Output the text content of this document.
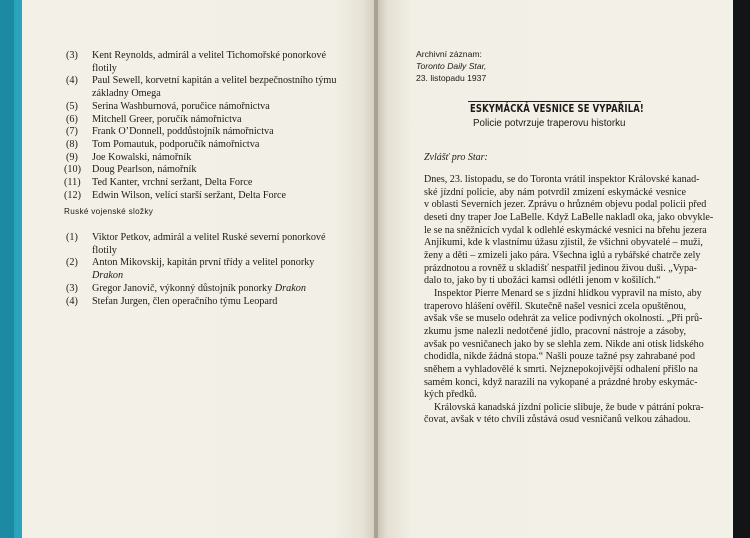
(3)	Kent Reynolds, admirál a velitel Tichomořské ponorkové flotily
(4)	Paul Sewell, korvetní kapitán a velitel bezpečnostního týmu
základny Omega
(5)	Serina Washburnová, poručice námořnictva
(6)	Mitchell Greer, poručík námořnictva
(7)	Frank O’Donnell, poddůstojník námořnictva
(8)	Tom Pomautuk, podporučík námořnictva
(9)	Joe Kowalski, námořník
(10)	Doug Pearlson, námořník
(11)	Ted Kanter, vrchní seržant, Delta Force
(12)	Edwin Wilson, velící starší seržant, Delta Force
Ruské vojenské složky
(1)	Viktor Petkov, admirál a velitel Ruské severní ponorkové flotily
(2)	Anton Mikovskij, kapitán první třídy a velitel ponorky Drakon
(3)	Gregor Janovič, výkonný důstojník ponorky Drakon
(4)	Stefan Jurgen, člen operačního týmu Leopard
Archivní záznam:
Toronto Daily Star,
23. listopadu 1937
ESKYMÁCKÁ VESNICE SE VYPAŘILA!
Policie potvrzuje traperovu historku
Zvlášť pro Star:

Dnes, 23. listopadu, se do Toronta vrátil inspektor Královské kanad-
ské jízdní policie, aby nám potvrdil zmizení eskymácké vesnice
v oblasti Severních jezer. Zprávu o hrůzném objevu podal policii před
deseti dny traper Joe LaBelle. Když LaBelle nakladl oka, jako obvykle-
le se na sněžnicích vydal k odlehlé eskymácké vesnici na břehu jezera
Anjikumi, kde k vlastnímu úžasu zjistil, že všichni obyvatelé – muži,
ženy a děti – zmizeli jako pára. Všechna iglú a rybářské chatrče zely
prázdnotou a rovněž u skladišť nespatřil jedinou živou duši. „Vypa-
dalo to, jako by ti ubožáci kamsi odlétli jenom v košilích.“

Inspektor Pierre Menard se s jízdní hlídkou vypravil na místo, aby
traperovo hlášení ověřil. Skutečně našel vesnici zcela opuštěnou,
avšak vše se muselo odehrát za velice podivných okolností. „Při prů-
zkumu jsme nalezli nedotčené jídlo, pracovní nástroje a zásoby,
avšak po vesničanech jako by se slehla zem. Nikde ani otisk lidského
chodidla, nikde žádná stopa.“ Našli pouze tažné psy zahrabané pod
sněhem a vyhladovělé k smrti. Nejznepokojivější odhalení přišlo na
samém konci, když narazili na vykopané a prázdné hroby eskymác-
kých předků.

Královská kanadská jízdní policie slibuje, že bude v pátrání pokra-
čovat, avšak v této chvíli zůstává osud vesničanů velkou záhadou.
